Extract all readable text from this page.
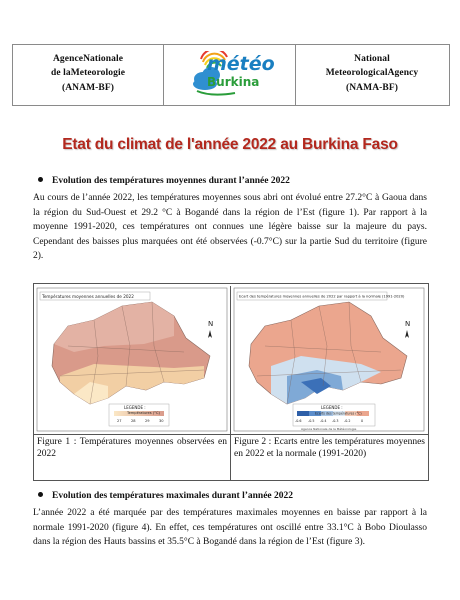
AgenceNationale
de laMeteorologie
(ANAM-BF)
météo
Burkina
National
MeteorologicalAgency
(NAMA-BF)
Etat du climat de l'année 2022 au Burkina Faso
Evolution des températures moyennes durant l’année 2022
Au cours de l’année 2022, les températures moyennes sous abri ont évolué entre 27.2°C à Gaoua dans la région du Sud-Ouest et 29.2 °C à Bogandé dans la région de l’Est (figure 1). Par rapport à la moyenne 1991-2020, ces températures ont connues une légère baisse sur la majeure du pays. Cependant des baisses plus marquées ont été observées (-0.7°C) sur la partie Sud du territoire (figure 2).
Températures moyennes annuelles de 2022
N
LEGENDE :
Températures (°C)
27	28	29	30
Ecart des températures moyennes annuelles de 2022 par rapport à la normale (1991-2020)
N
LEGENDE :
Ecarts des températures (°C)
-0.6 -0.5 -0.4 -0.3 -0.2	0
Agence Nationale de la Météorologie
Figure 1 : Températures moyennes observées en 2022
Figure 2 : Ecarts entre les températures moyennes en 2022 et la normale (1991-2020)
Evolution des températures maximales durant l’année 2022
L’année 2022 a été marquée par des températures maximales moyennes en baisse par rapport à la normale 1991-2020 (figure 4). En effet, ces températures ont oscillé entre 33.1°C à Bobo Dioulasso dans la région des Hauts bassins et 35.5°C à Bogandé dans la région de l’Est (figure 3).
